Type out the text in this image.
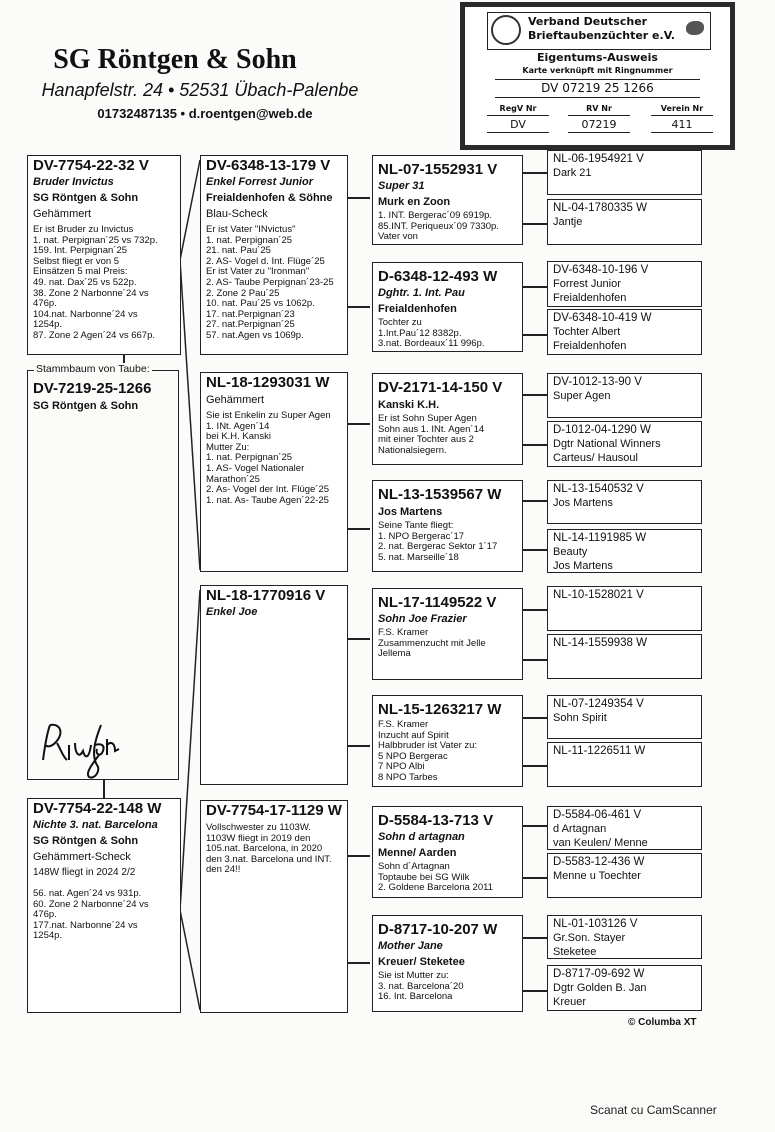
SG Röntgen & Sohn
Hanapfelstr. 24 • 52531 Übach-Palenbe
01732487135 • d.roentgen@web.de
Verband Deutscher
Brieftaubenzüchter e.V.
Eigentums-Ausweis
Karte verknüpft mit Ringnummer
DV 07219 25 1266
RegV Nr
DV
RV Nr
07219
Verein Nr
411
DV-7754-22-32 V
Bruder Invictus
SG Röntgen & Sohn
Gehämmert
Er ist Bruder zu Invictus
1. nat. Perpignan´25 vs 732p.
159. Int. Perpignan´25
Selbst fliegt er von 5
Einsätzen 5 mal Preis:
49. nat. Dax´25 vs 522p.
38. Zone 2 Narbonne´24 vs
476p.
104.nat. Narbonne´24 vs
1254p.
87. Zone 2 Agen´24 vs 667p.
DV-7219-25-1266
SG Röntgen & Sohn
Stammbaum von Taube:
DV-7754-22-148 W
Nichte 3. nat. Barcelona
SG Röntgen & Sohn
Gehämmert-Scheck
148W fliegt in 2024 2/2
56. nat. Agen´24 vs 931p.
60. Zone 2 Narbonne´24 vs
476p.
177.nat. Narbonne´24 vs
1254p.
DV-6348-13-179 V
Enkel Forrest Junior
Freialdenhofen & Söhne
Blau-Scheck
Er ist Vater "INvictus"
1. nat. Perpignan´25
21. nat. Pau´25
2. AS- Vogel d. Int. Flüge´25
Er ist Vater zu "Ironman"
2. AS- Taube Perpignan´23-25
2. Zone 2 Pau´25
10. nat. Pau´25 vs 1062p.
17. nat.Perpignan´23
27. nat.Perpignan´25
57. nat.Agen vs 1069p.
NL-18-1293031 W
Gehämmert
Sie ist Enkelin zu Super Agen
1. INt. Agen´14
bei K.H. Kanski
Mutter Zu:
1. nat. Perpignan´25
1. AS- Vogel Nationaler
Marathon´25
2. As- Vogel der Int. Flüge´25
1. nat. As- Taube Agen´22-25
NL-18-1770916 V
Enkel Joe
DV-7754-17-1129 W
Vollschwester zu 1103W.
1103W fliegt in 2019 den
105.nat. Barcelona, in 2020
den 3.nat. Barcelona und INT.
den 24!!
NL-07-1552931 V
Super 31
Murk en Zoon
1. INT. Bergerac´09 6919p.
85.INT. Periqueux´09 7330p.
Vater von
D-6348-12-493 W
Dghtr. 1. Int. Pau
Freialdenhofen
Tochter zu
1.Int.Pau´12 8382p.
3.nat. Bordeaux´11 996p.
DV-2171-14-150 V
Kanski K.H.
Er ist Sohn Super Agen
Sohn aus 1. INt. Agen´14
mit einer Tochter aus 2
Nationalsiegern.
NL-13-1539567 W
Jos Martens
Seine Tante fliegt:
1. NPO Bergerac´17
2. nat. Bergerac Sektor 1´17
5. nat. Marseille´18
NL-17-1149522 V
Sohn Joe Frazier
F.S. Kramer
Zusammenzucht mit Jelle
Jellema
NL-15-1263217 W
F.S. Kramer
Inzucht auf Spirit
Halbbruder ist Vater zu:
5 NPO Bergerac
7 NPO Albi
8 NPO Tarbes
D-5584-13-713 V
Sohn d artagnan
Menne/ Aarden
Sohn d´Artagnan
Toptaube bei SG Wilk
2. Goldene Barcelona 2011
D-8717-10-207 W
Mother Jane
Kreuer/ Steketee
Sie ist Mutter zu:
3. nat. Barcelona´20
16. Int. Barcelona
NL-06-1954921 V
Dark 21
NL-04-1780335 W
Jantje
DV-6348-10-196 V
Forrest Junior
Freialdenhofen
DV-6348-10-419 W
Tochter Albert
Freialdenhofen
DV-1012-13-90 V
Super Agen
D-1012-04-1290 W
Dgtr National Winners
Carteus/ Hausoul
NL-13-1540532 V
Jos Martens
NL-14-1191985 W
Beauty
Jos Martens
NL-10-1528021 V
NL-14-1559938 W
NL-07-1249354 V
Sohn Spirit
NL-11-1226511 W
D-5584-06-461 V
d Artagnan
van Keulen/ Menne
D-5583-12-436 W
Menne u Toechter
NL-01-103126 V
Gr.Son. Stayer
Steketee
D-8717-09-692 W
Dgtr Golden B. Jan
Kreuer
© Columba XT
Scanat cu CamScanner
